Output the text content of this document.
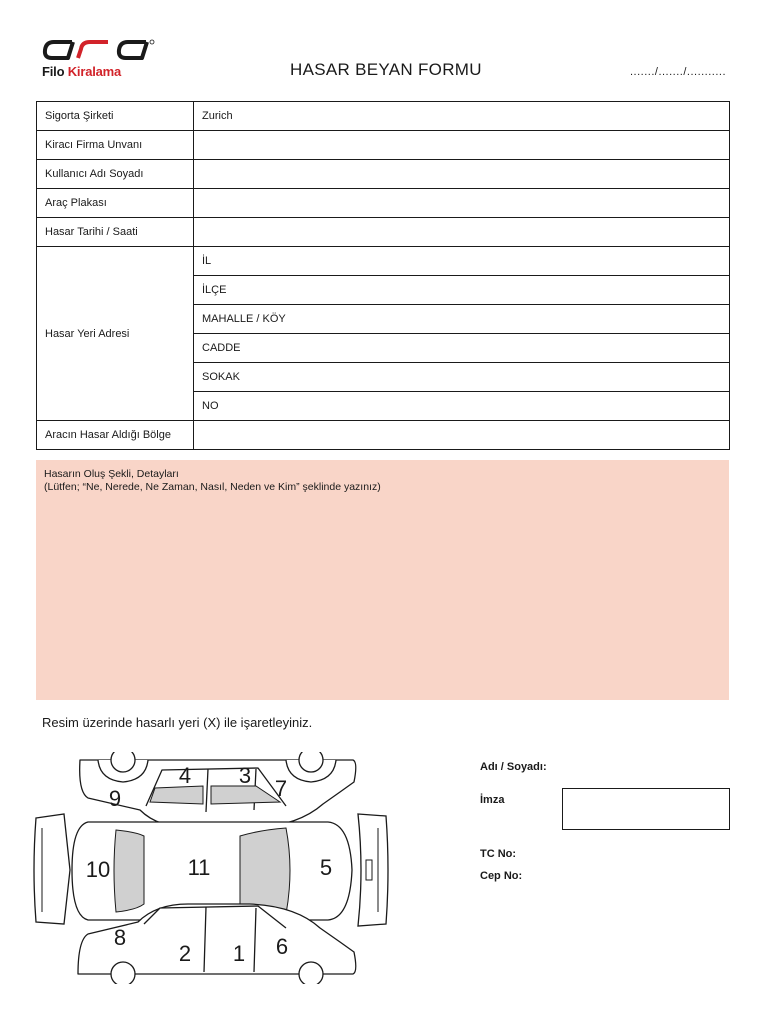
Filo Kiralama	HASAR BEYAN FORMU	......./......./...........
Sigorta Şirketi	Zurich
Kiracı Firma Unvanı	
Kullanıcı Adı Soyadı	
Araç Plakası	
Hasar Tarihi / Saati	
Hasar Yeri Adresi	İL
	İLÇE
	MAHALLE / KÖY
	CADDE
	SOKAK
	NO
Aracın Hasar Aldığı Bölge	
Hasarın Oluş Şekli, Detayları
(Lütfen; “Ne, Nerede, Ne Zaman, Nasıl, Neden ve Kim” şeklinde yazınız)
Resim üzerinde hasarlı yeri (X) ile işaretleyiniz.
1
2
3
4
5
6
7
8
9
10	11
Adı / Soyadı:
İmza
TC No:
Cep No:
